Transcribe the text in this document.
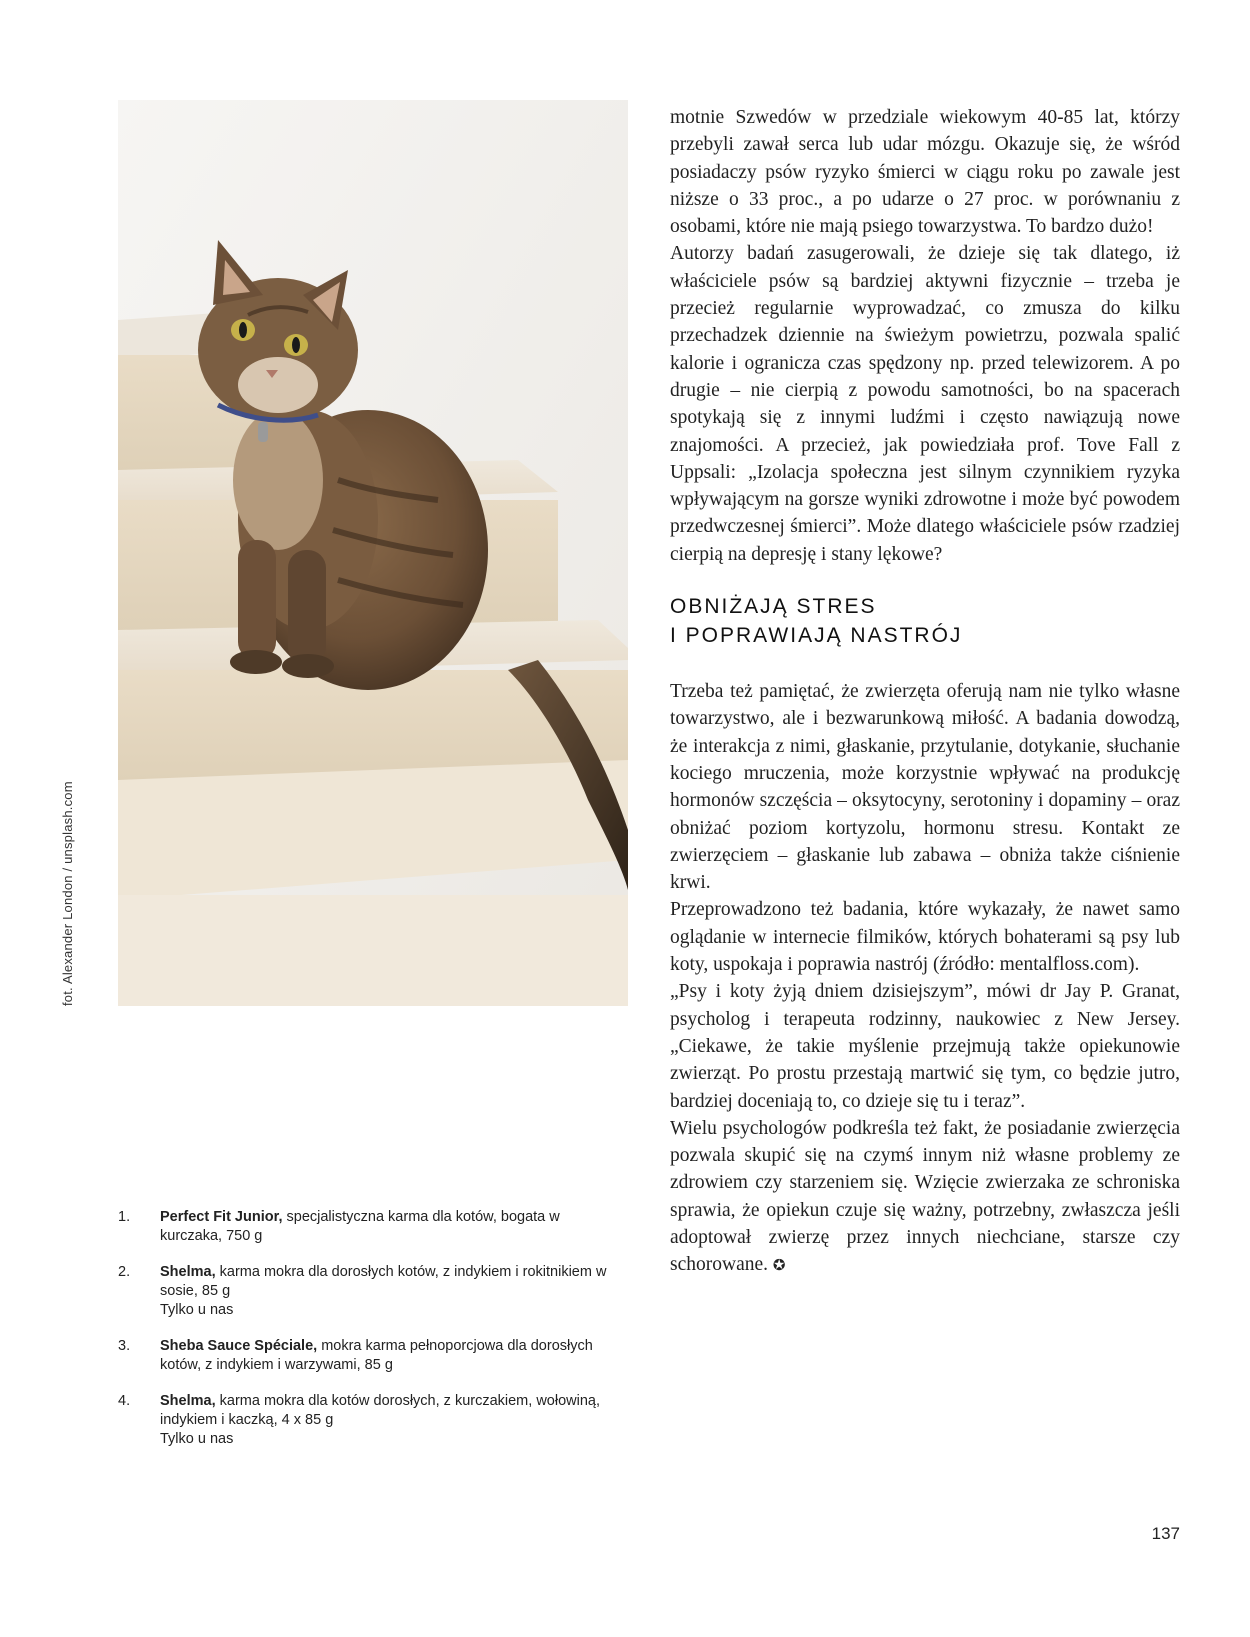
fot. Alexander London / unsplash.com

motnie Szwedów w przedziale wiekowym 40-85 lat, którzy przebyli zawał serca lub udar mózgu. Okazuje się, że wśród posiadaczy psów ryzyko śmierci w ciągu roku po zawale jest niższe o 33 proc., a po udarze o 27 proc. w porównaniu z osobami, które nie mają psiego towarzystwa. To bardzo dużo!

Autorzy badań zasugerowali, że dzieje się tak dlatego, iż właściciele psów są bardziej aktywni fizycznie – trzeba je przecież regularnie wyprowadzać, co zmusza do kilku przechadzek dziennie na świeżym powietrzu, pozwala spalić kalorie i ogranicza czas spędzony np. przed telewizorem. A po drugie – nie cierpią z powodu samotności, bo na spacerach spotykają się z innymi ludźmi i często nawiązują nowe znajomości. A przecież, jak powiedziała prof. Tove Fall z Uppsali: „Izolacja społeczna jest silnym czynnikiem ryzyka wpływającym na gorsze wyniki zdrowotne i może być powodem przedwczesnej śmierci”. Może dlatego właściciele psów rzadziej cierpią na depresję i stany lękowe?

OBNIŻAJĄ STRES
I POPRAWIAJĄ NASTRÓJ

Trzeba też pamiętać, że zwierzęta oferują nam nie tylko własne towarzystwo, ale i bezwarunkową miłość. A badania dowodzą, że interakcja z nimi, głaskanie, przytulanie, dotykanie, słuchanie kociego mruczenia, może korzystnie wpływać na produkcję hormonów szczęścia – oksytocyny, serotoniny i dopaminy – oraz obniżać poziom kortyzolu, hormonu stresu. Kontakt ze zwierzęciem – głaskanie lub zabawa – obniża także ciśnienie krwi.

Przeprowadzono też badania, które wykazały, że nawet samo oglądanie w internecie filmików, których bohaterami są psy lub koty, uspokaja i poprawia nastrój (źródło: mentalfloss.com).

„Psy i koty żyją dniem dzisiejszym”, mówi dr Jay P. Granat, psycholog i terapeuta rodzinny, naukowiec z New Jersey. „Ciekawe, że takie myślenie przejmują także opiekunowie zwierząt. Po prostu przestają martwić się tym, co będzie jutro, bardziej doceniają to, co dzieje się tu i teraz”.

Wielu psychologów podkreśla też fakt, że posiadanie zwierzęcia pozwala skupić się na czymś innym niż własne problemy ze zdrowiem czy starzeniem się. Wzięcie zwierzaka ze schroniska sprawia, że opiekun czuje się ważny, potrzebny, zwłaszcza jeśli adoptował zwierzę przez innych niechciane, starsze czy schorowane. ✪

1.	Perfect Fit Junior, specjalistyczna karma dla kotów, bogata w kurczaka, 750 g
2.	Shelma, karma mokra dla dorosłych kotów, z indykiem i rokitnikiem w sosie, 85 g
Tylko u nas
3.	Sheba Sauce Spéciale, mokra karma pełnoporcjowa dla dorosłych kotów, z indykiem i warzywami, 85 g
4.	Shelma, karma mokra dla kotów dorosłych, z kurczakiem, wołowiną, indykiem i kaczką, 4 x 85 g
Tylko u nas
137
